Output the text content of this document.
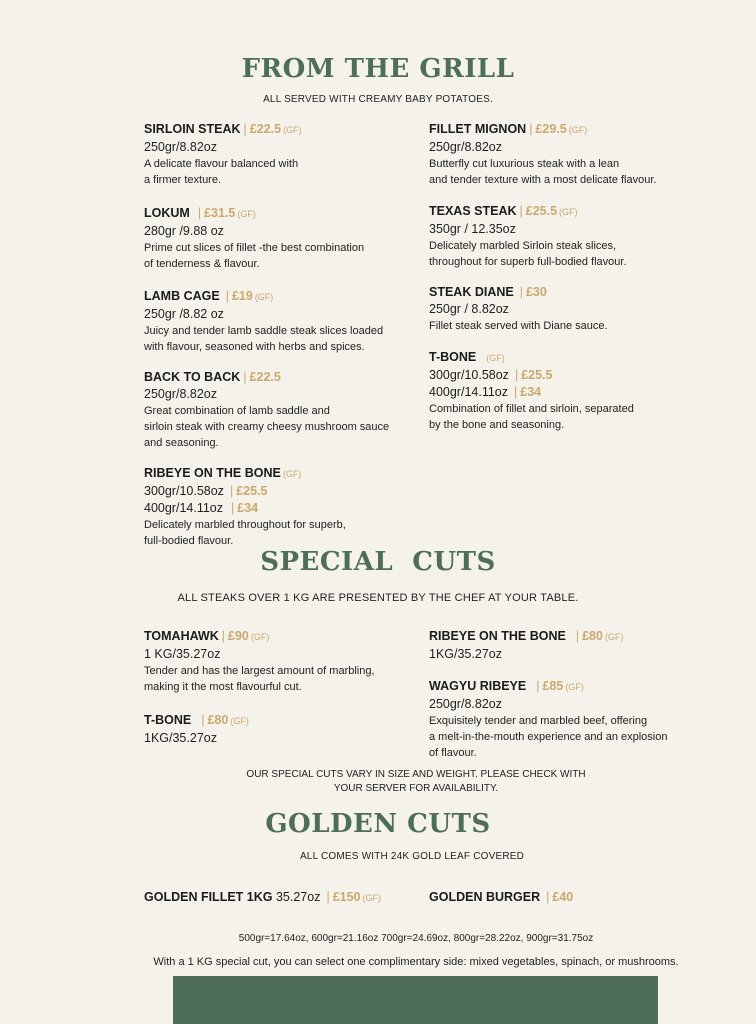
FROM THE GRILL
ALL SERVED WITH CREAMY BABY POTATOES.
SIRLOIN STEAK | £22.5 (GF)
250gr/8.82oz
A delicate flavour balanced with
a firmer texture.
LOKUM | £31.5 (GF)
280gr /9.88 oz
Prime cut slices of fillet -the best combination
of tenderness & flavour.
LAMB CAGE | £19 (GF)
250gr /8.82 oz
Juicy and tender lamb saddle steak slices loaded
with flavour, seasoned with herbs and spices.
BACK TO BACK | £22.5
250gr/8.82oz
Great combination of lamb saddle and
sirloin steak with creamy cheesy mushroom sauce
and seasoning.
RIBEYE ON THE BONE (GF)
300gr/10.58oz | £25.5
400gr/14.11oz | £34
Delicately marbled throughout for superb,
full-bodied flavour.
FILLET MIGNON | £29.5 (GF)
250gr/8.82oz
Butterfly cut luxurious steak with a lean
and tender texture with a most delicate flavour.
TEXAS STEAK | £25.5 (GF)
350gr / 12.35oz
Delicately marbled Sirloin steak slices,
throughout for superb full-bodied flavour.
STEAK DIANE | £30
250gr / 8.82oz
Fillet steak served with Diane sauce.
T-BONE (GF)
300gr/10.58oz | £25.5
400gr/14.11oz | £34
Combination of fillet and sirloin, separated
by the bone and seasoning.
SPECIAL  CUTS
ALL STEAKS OVER 1 KG ARE PRESENTED BY THE CHEF AT YOUR TABLE.
TOMAHAWK | £90 (GF)
1 KG/35.27oz
Tender and has the largest amount of marbling,
making it the most flavourful cut.
T-BONE | £80 (GF)
1KG/35.27oz
RIBEYE ON THE BONE | £80 (GF)
1KG/35.27oz
WAGYU RIBEYE | £85 (GF)
250gr/8.82oz
Exquisitely tender and marbled beef, offering
a melt-in-the-mouth experience and an explosion
of flavour.
OUR SPECIAL CUTS VARY IN SIZE AND WEIGHT. PLEASE CHECK WITH
YOUR SERVER FOR AVAILABILITY.
GOLDEN CUTS
ALL COMES WITH 24K GOLD LEAF COVERED
GOLDEN FILLET 1KG 35.27oz | £150 (GF)	GOLDEN BURGER | £40
500gr=17.64oz, 600gr=21.16oz 700gr=24.69oz, 800gr=28.22oz, 900gr=31.75oz
With a 1 KG special cut, you can select one complimentary side: mixed vegetables, spinach, or mushrooms.
